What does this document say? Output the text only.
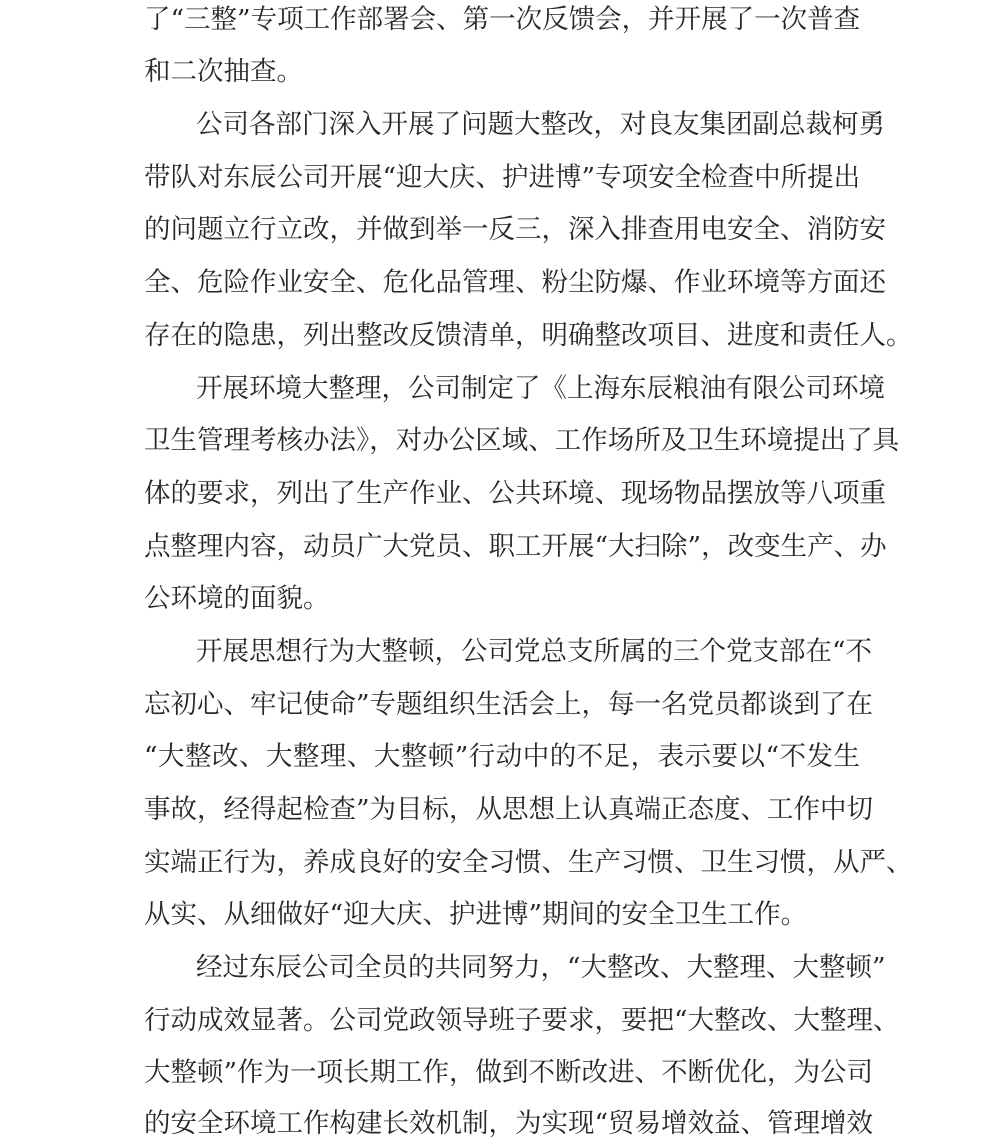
了“三整”专项工作部署会、第一次反馈会，并开展了一次普查
和二次抽查。
公司各部门深入开展了问题大整改，对良友集团副总裁柯勇
带队对东辰公司开展“迎大庆、护进博”专项安全检查中所提出
的问题立行立改，并做到举一反三，深入排查用电安全、消防安
全、危险作业安全、危化品管理、粉尘防爆、作业环境等方面还
存在的隐患，列出整改反馈清单，明确整改项目、进度和责任人。
开展环境大整理，公司制定了《上海东辰粮油有限公司环境
卫生管理考核办法》，对办公区域、工作场所及卫生环境提出了具
体的要求，列出了生产作业、公共环境、现场物品摆放等八项重
点整理内容，动员广大党员、职工开展“大扫除”，改变生产、办
公环境的面貌。
开展思想行为大整顿，公司党总支所属的三个党支部在“不
忘初心、牢记使命”专题组织生活会上，每一名党员都谈到了在
“大整改、大整理、大整顿”行动中的不足，表示要以“不发生
事故，经得起检查”为目标，从思想上认真端正态度、工作中切
实端正行为，养成良好的安全习惯、生产习惯、卫生习惯，从严、
从实、从细做好“迎大庆、护进博”期间的安全卫生工作。
经过东辰公司全员的共同努力，“大整改、大整理、大整顿”
行动成效显著。公司党政领导班子要求，要把“大整改、大整理、
大整顿”作为一项长期工作，做到不断改进、不断优化，为公司
的安全环境工作构建长效机制，为实现“贸易增效益、管理增效
